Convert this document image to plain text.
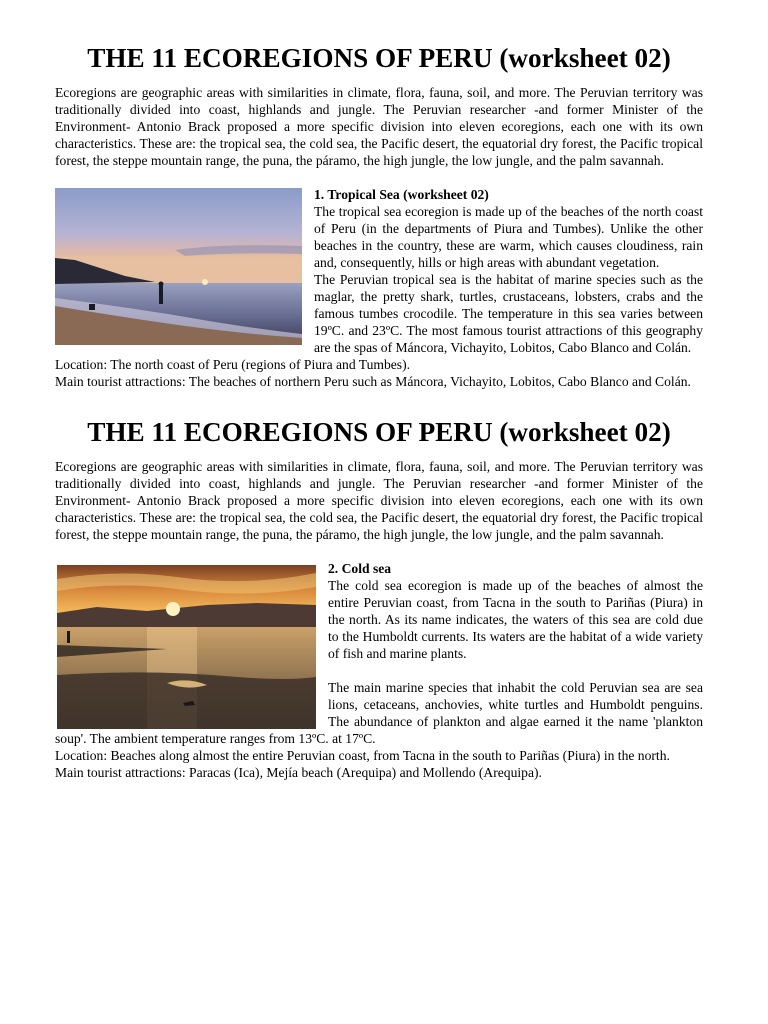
THE 11 ECOREGIONS OF PERU (worksheet 02)

Ecoregions are geographic areas with similarities in climate, flora, fauna, soil, and more. The Peruvian territory was traditionally divided into coast, highlands and jungle. The Peruvian researcher -and former Minister of the Environment- Antonio Brack proposed a more specific division into eleven ecoregions, each one with its own characteristics. These are: the tropical sea, the cold sea, the Pacific desert, the equatorial dry forest, the Pacific tropical forest, the steppe mountain range, the puna, the páramo, the high jungle, the low jungle, and the palm savannah.

1. Tropical Sea (worksheet 02)

The tropical sea ecoregion is made up of the beaches of the north coast of Peru (in the departments of Piura and Tumbes). Unlike the other beaches in the country, these are warm, which causes cloudiness, rain and, consequently, hills or high areas with abundant vegetation.

The Peruvian tropical sea is the habitat of marine species such as the maglar, the pretty shark, turtles, crustaceans, lobsters, crabs and the famous tumbes crocodile. The temperature in this sea varies between 19ºC. and 23ºC. The most famous tourist attractions of this geography are the spas of Máncora, Vichayito, Lobitos, Cabo Blanco and Colán.

Location: The north coast of Peru (regions of Piura and Tumbes).

Main tourist attractions: The beaches of northern Peru such as Máncora, Vichayito, Lobitos, Cabo Blanco and Colán.

THE 11 ECOREGIONS OF PERU (worksheet 02)

Ecoregions are geographic areas with similarities in climate, flora, fauna, soil, and more. The Peruvian territory was traditionally divided into coast, highlands and jungle. The Peruvian researcher -and former Minister of the Environment- Antonio Brack proposed a more specific division into eleven ecoregions, each one with its own characteristics. These are: the tropical sea, the cold sea, the Pacific desert, the equatorial dry forest, the Pacific tropical forest, the steppe mountain range, the puna, the páramo, the high jungle, the low jungle, and the palm savannah.

2. Cold sea

The cold sea ecoregion is made up of the beaches of almost the entire Peruvian coast, from Tacna in the south to Pariñas (Piura) in the north. As its name indicates, the waters of this sea are cold due to the Humboldt currents. Its waters are the habitat of a wide variety of fish and marine plants.

The main marine species that inhabit the cold Peruvian sea are sea lions, cetaceans, anchovies, white turtles and Humboldt penguins. The abundance of plankton and algae earned it the name 'plankton soup'. The ambient temperature ranges from 13ºC. at 17ºC.

Location: Beaches along almost the entire Peruvian coast, from Tacna in the south to Pariñas (Piura) in the north.

Main tourist attractions: Paracas (Ica), Mejía beach (Arequipa) and Mollendo (Arequipa).
